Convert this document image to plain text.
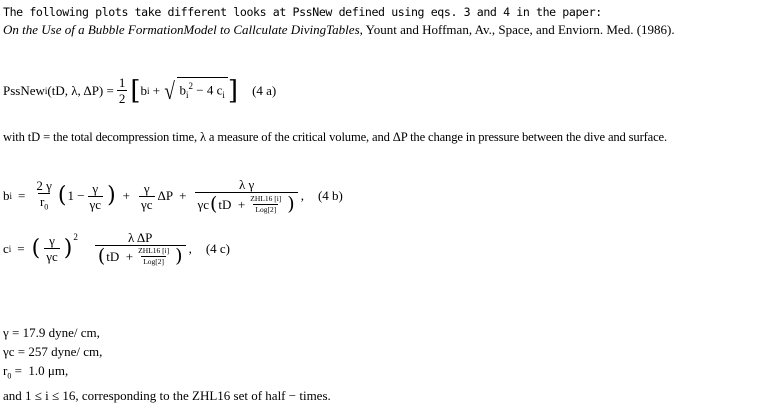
The following plots take different looks at PssNew defined using eqs. 3 and 4 in the paper:
On the Use of a Bubble FormationModel to Callculate DivingTables, Yount and Hoffman, Av., Space, and Enviorn. Med. (1986).
PssNew i (tD, λ, $\Delta P) = \frac{1}{2}$ [ b i + √ $b_i^2 - 4$ $c_i$ ] (4 a)
with tD = the total decompression time, λ a measure of the critical volume, and ΔP the change in pressure between the dive and surface.
b $i = \frac{2 \gamma}{r_0}$ ( $1 - \frac{\gamma}{\gamma c}$ ) + $\frac{\gamma}{\gamma c}$ ΔP  +
λ γ
γc ( tD  + $\frac{\text{ZHL16 [i]}}{\text{Log[2]}}$ ) , (4 b)
c i = ( $\frac{\gamma}{\gamma c} )^2$	λ ΔP
( tD  + $\frac{\text{ZHL16 [i]}}{\text{Log[2]}}$ ) , (4 c)
γ = 17.9 dyne/ cm,
γc = 257 dyne/ cm,
$r_0 = 1.0$ μm,
and 1 ≤ i ≤ 16, corresponding to the ZHL16 set of half − times.
